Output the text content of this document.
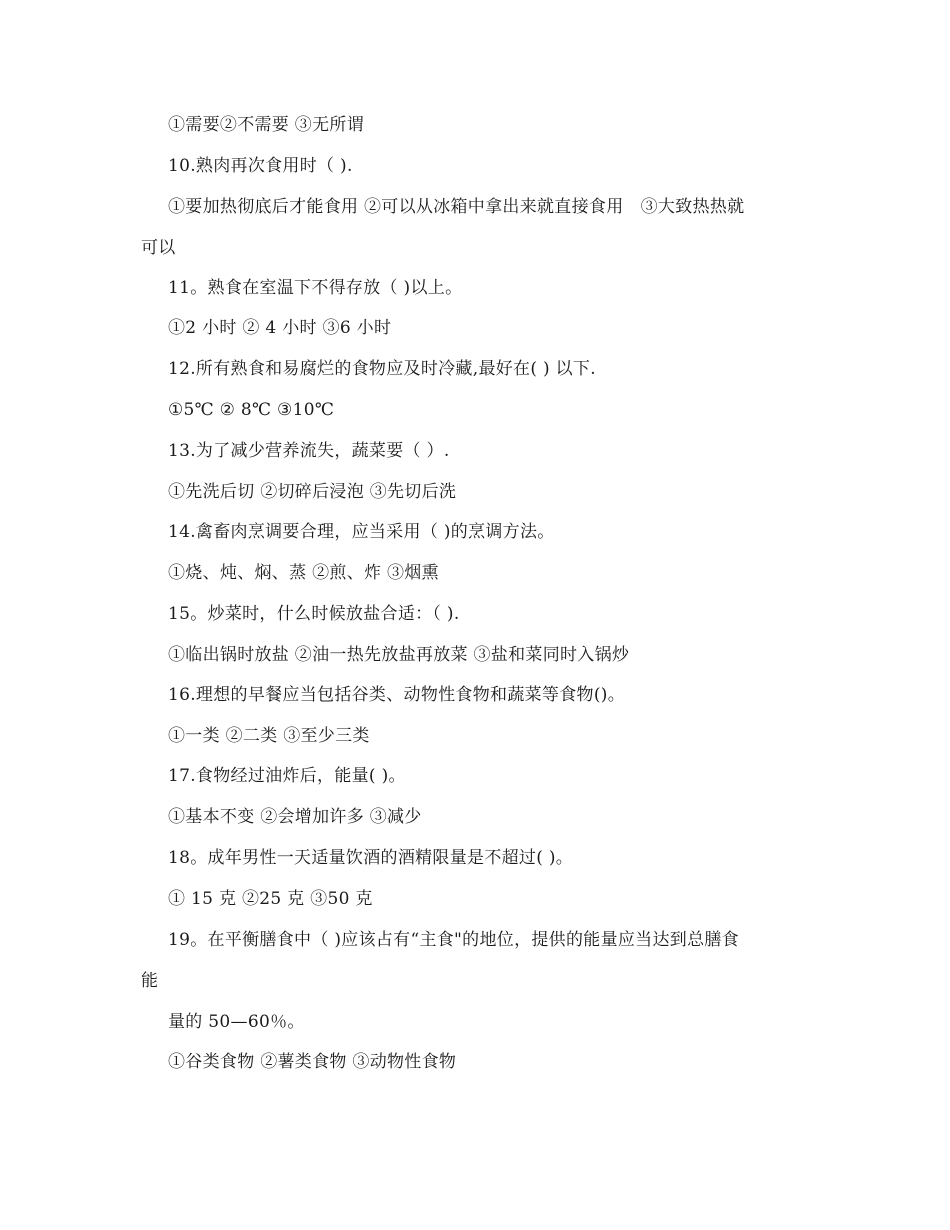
①需要②不需要 ③无所谓
10.熟肉再次食用时（ ).
①要加热彻底后才能食用 ②可以从冰箱中拿出来就直接食用   ③大致热热就
可以
11。熟食在室温下不得存放（ )以上。
①2 小时 ② 4 小时 ③6 小时
12.所有熟食和易腐烂的食物应及时冷藏,最好在( ) 以下.
①5℃ ② 8℃ ③10℃
13.为了减少营养流失，蔬菜要（ ）.
①先洗后切 ②切碎后浸泡 ③先切后洗
14.禽畜肉烹调要合理，应当采用（ )的烹调方法。
①烧、炖、焖、蒸 ②煎、炸 ③烟熏
15。炒菜时，什么时候放盐合适：（ ).
①临出锅时放盐 ②油一热先放盐再放菜 ③盐和菜同时入锅炒
16.理想的早餐应当包括谷类、动物性食物和蔬菜等食物()。
①一类 ②二类 ③至少三类
17.食物经过油炸后，能量( )。
①基本不变 ②会增加许多 ③减少
18。成年男性一天适量饮酒的酒精限量是不超过( )。
① 15 克 ②25 克 ③50 克
19。在平衡膳食中（ )应该占有“主食"的地位，提供的能量应当达到总膳食
能
量的 50—60％。
①谷类食物 ②薯类食物 ③动物性食物
